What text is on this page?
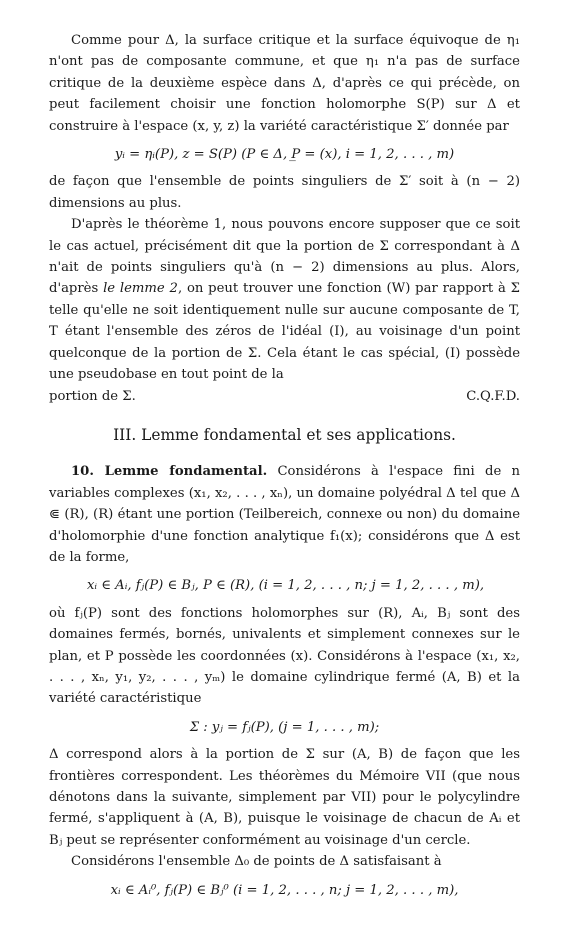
Comme pour Δ, la surface critique et la surface équivoque de η₁ n'ont pas de composante commune, et que η₁ n'a pas de surface critique de la deuxième espèce dans Δ, d'après ce qui précède, on peut facilement choisir une fonction holomorphe S(P) sur Δ et construire à l'espace (x, y, z) la variété caractéristique Σ′ donnée par

yᵢ = ηᵢ(P), z = S(P) (P ∈ Δ, P̲ = (x), i = 1, 2, . . . , m)

de façon que l'ensemble de points singuliers de Σ′ soit à (n − 2) dimensions au plus.

D'après le théorème 1, nous pouvons encore supposer que ce soit le cas actuel, précisément dit que la portion de Σ correspondant à Δ n'ait de points singuliers qu'à (n − 2) dimensions au plus. Alors, d'après le lemme 2, on peut trouver une fonction (W) par rapport à Σ telle qu'elle ne soit identiquement nulle sur aucune composante de T, T étant l'ensemble des zéros de l'idéal (I), au voisinage d'un point quelconque de la portion de Σ. Cela étant le cas spécial, (I) possède une pseudobase en tout point de la

portion de Σ.	C.Q.F.D.
III. Lemme fondamental et ses applications.

10. Lemme fondamental. Considérons à l'espace fini de n variables complexes (x₁, x₂, . . . , xₙ), un domaine polyédral Δ tel que Δ ⋐ (R), (R) étant une portion (Teilbereich, connexe ou non) du domaine d'holomorphie d'une fonction analytique f₁(x); considérons que Δ est de la forme,

xᵢ ∈ Aᵢ, fⱼ(P) ∈ Bⱼ, P ∈ (R), (i = 1, 2, . . . , n; j = 1, 2, . . . , m),

où fⱼ(P) sont des fonctions holomorphes sur (R), Aᵢ, Bⱼ sont des domaines fermés, bornés, univalents et simplement connexes sur le plan, et P possède les coordonnées (x). Considérons à l'espace (x₁, x₂, . . . , xₙ, y₁, y₂, . . . , yₘ) le domaine cylindrique fermé (A, B) et la variété caractéristique

Σ : yⱼ = fⱼ(P), (j = 1, . . . , m);

Δ correspond alors à la portion de Σ sur (A, B) de façon que les frontières correspondent. Les théorèmes du Mémoire VII (que nous dénotons dans la suivante, simplement par VII) pour le polycylindre fermé, s'appliquent à (A, B), puisque le voisinage de chacun de Aᵢ et Bⱼ peut se représenter conformément au voisinage d'un cercle.

Considérons l'ensemble Δ₀ de points de Δ satisfaisant à

xᵢ ∈ Aᵢ⁰, fⱼ(P) ∈ Bⱼ⁰ (i = 1, 2, . . . , n; j = 1, 2, . . . , m),
